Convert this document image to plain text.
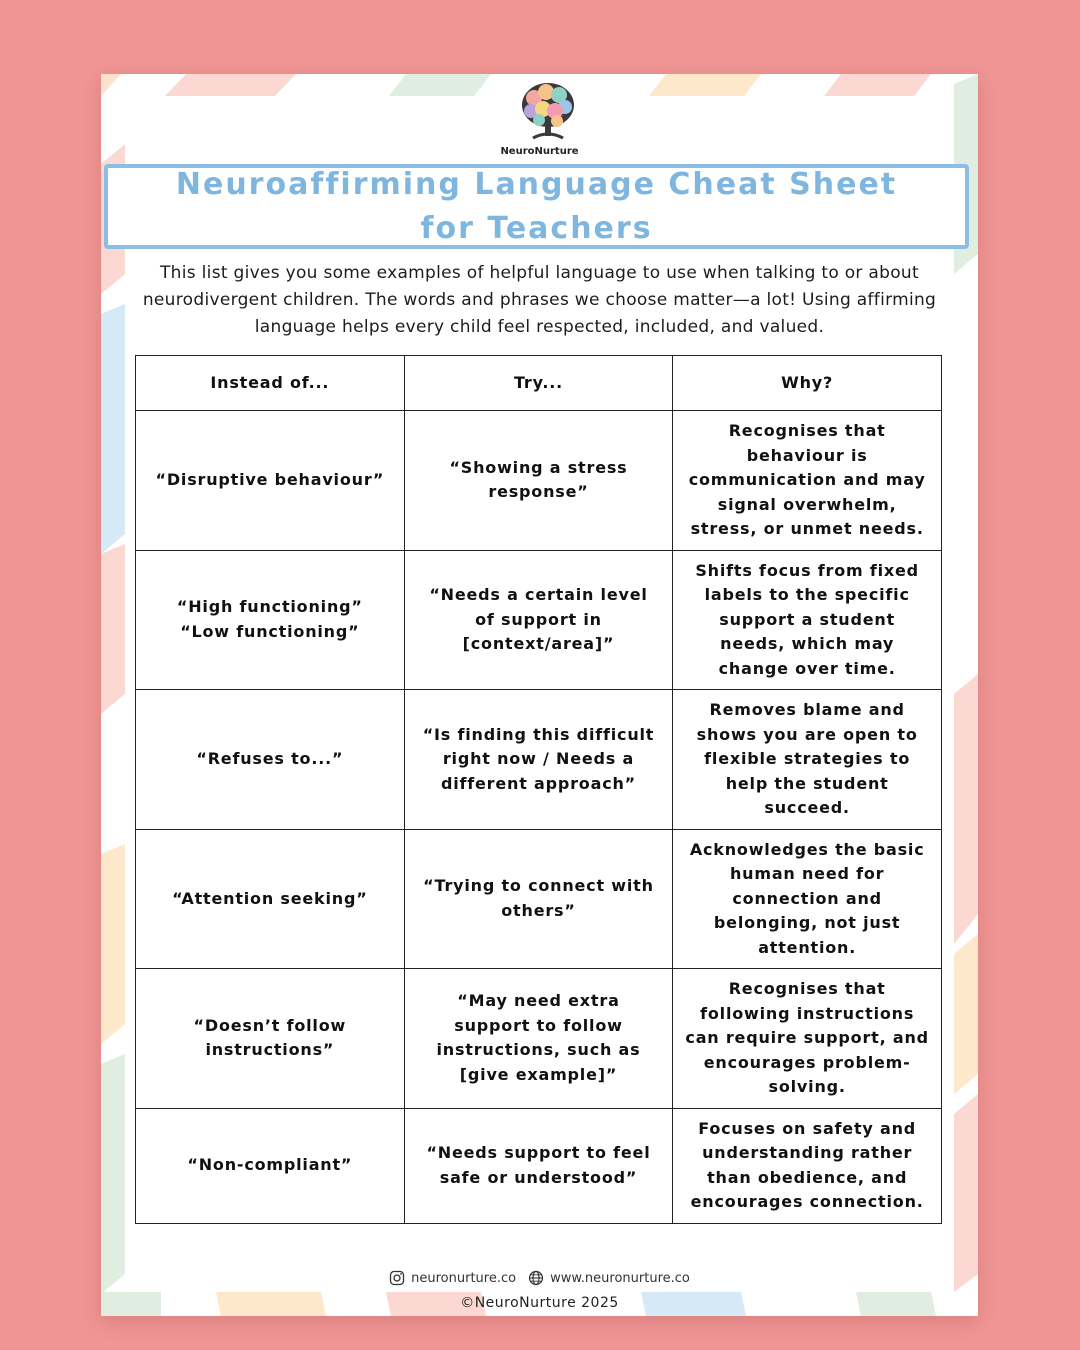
NeuroNurture
Neuroaffirming Language Cheat Sheet for Teachers
This list gives you some examples of helpful language to use when talking to or about neurodivergent children. The words and phrases we choose matter—a lot! Using affirming language helps every child feel respected, included, and valued.
Instead of...	Try...	Why?
“Disruptive behaviour”	“Showing a stress response”	Recognises that behaviour is communication and may signal overwhelm, stress, or unmet needs.
“High functioning” “Low functioning”	“Needs a certain level of support in [context/area]”	Shifts focus from fixed labels to the specific support a student needs, which may change over time.
“Refuses to...”	“Is finding this difficult right now / Needs a different approach”	Removes blame and shows you are open to flexible strategies to help the student succeed.
“Attention seeking”	“Trying to connect with others”	Acknowledges the basic human need for connection and belonging, not just attention.
“Doesn’t follow instructions”	“May need extra support to follow instructions, such as [give example]”	Recognises that following instructions can require support, and encourages problem-solving.
“Non-compliant”	“Needs support to feel safe or understood”	Focuses on safety and understanding rather than obedience, and encourages connection.
neuronurture.co	www.neuronurture.co
©NeuroNurture 2025
